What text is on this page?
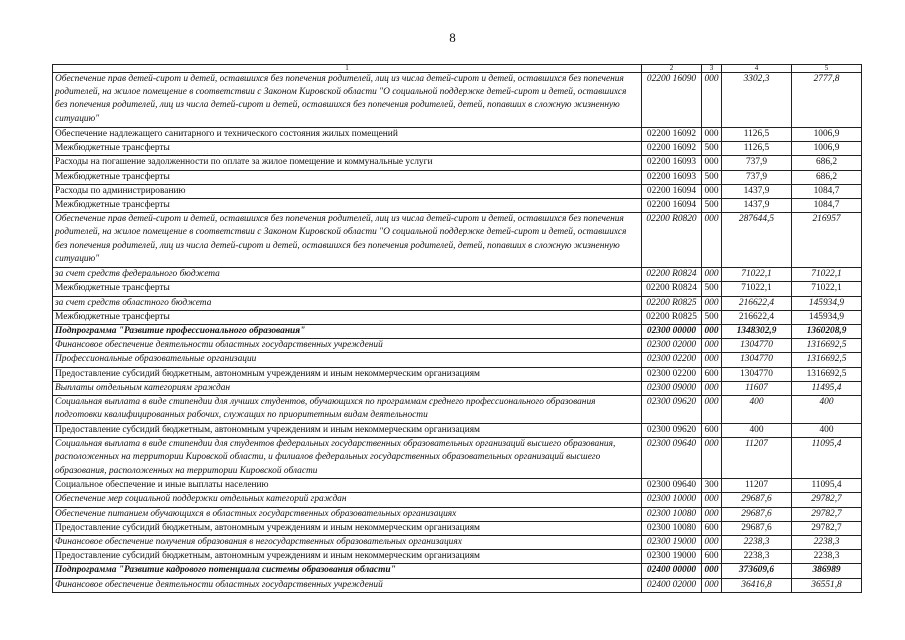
8
1	2	3	4	5
Обеспечение прав детей-сирот и детей, оставшихся без попечения родителей, лиц из числа детей-сирот и детей, оставшихся без попечения родителей, на жилое помещение в соответствии с Законом Кировской области "О социальной поддержке детей-сирот и детей, оставшихся без попечения родителей, лиц из числа детей-сирот и детей, оставшихся без попечения родителей, детей, попавших в сложную жизненную ситуацию"	02200 16090	000	3302,3	2777,8
Обеспечение надлежащего санитарного и технического состояния жилых помещений	02200 16092	000	1126,5	1006,9
Межбюджетные трансферты	02200 16092	500	1126,5	1006,9
Расходы на погашение задолженности по оплате за жилое помещение и коммунальные услуги	02200 16093	000	737,9	686,2
Межбюджетные трансферты	02200 16093	500	737,9	686,2
Расходы по администрированию	02200 16094	000	1437,9	1084,7
Межбюджетные трансферты	02200 16094	500	1437,9	1084,7
Обеспечение прав детей-сирот и детей, оставшихся без попечения родителей, лиц из числа детей-сирот и детей, оставшихся без попечения родителей, на жилое помещение в соответствии с Законом Кировской области "О социальной поддержке детей-сирот и детей, оставшихся без попечения родителей, лиц из числа детей-сирот и детей, оставшихся без попечения родителей, детей, попавших в сложную жизненную ситуацию"	02200 R0820	000	287644,5	216957
за счет средств федерального бюджета	02200 R0824	000	71022,1	71022,1
Межбюджетные трансферты	02200 R0824	500	71022,1	71022,1
за счет средств областного бюджета	02200 R0825	000	216622,4	145934,9
Межбюджетные трансферты	02200 R0825	500	216622,4	145934,9
Подпрограмма "Развитие профессионального образования"	02300 00000	000	1348302,9	1360208,9
Финансовое обеспечение деятельности областных государственных учреждений	02300 02000	000	1304770	1316692,5
Профессиональные образовательные организации	02300 02200	000	1304770	1316692,5
Предоставление субсидий бюджетным, автономным учреждениям и иным некоммерческим организациям	02300 02200	600	1304770	1316692,5
Выплаты отдельным категориям граждан	02300 09000	000	11607	11495,4
Социальная выплата в виде стипендии для лучших студентов, обучающихся по программам среднего профессионального образования подготовки квалифицированных рабочих, служащих по приоритетным видам деятельности	02300 09620	000	400	400
Предоставление субсидий бюджетным, автономным учреждениям и иным некоммерческим организациям	02300 09620	600	400	400
Социальная выплата в виде стипендии для студентов федеральных государственных образовательных организаций высшего образования, расположенных на территории Кировской области, и филиалов федеральных государственных образовательных организаций высшего образования, расположенных на территории Кировской области	02300 09640	000	11207	11095,4
Социальное обеспечение и иные выплаты населению	02300 09640	300	11207	11095,4
Обеспечение мер социальной поддержки отдельных категорий граждан	02300 10000	000	29687,6	29782,7
Обеспечение питанием обучающихся в областных государственных образовательных организациях	02300 10080	000	29687,6	29782,7
Предоставление субсидий бюджетным, автономным учреждениям и иным некоммерческим организациям	02300 10080	600	29687,6	29782,7
Финансовое обеспечение получения образования в негосударственных образовательных организациях	02300 19000	000	2238,3	2238,3
Предоставление субсидий бюджетным, автономным учреждениям и иным некоммерческим организациям	02300 19000	600	2238,3	2238,3
Подпрограмма "Развитие кадрового потенциала системы образования области"	02400 00000	000	373609,6	386989
Финансовое обеспечение деятельности областных государственных учреждений	02400 02000	000	36416,8	36551,8
